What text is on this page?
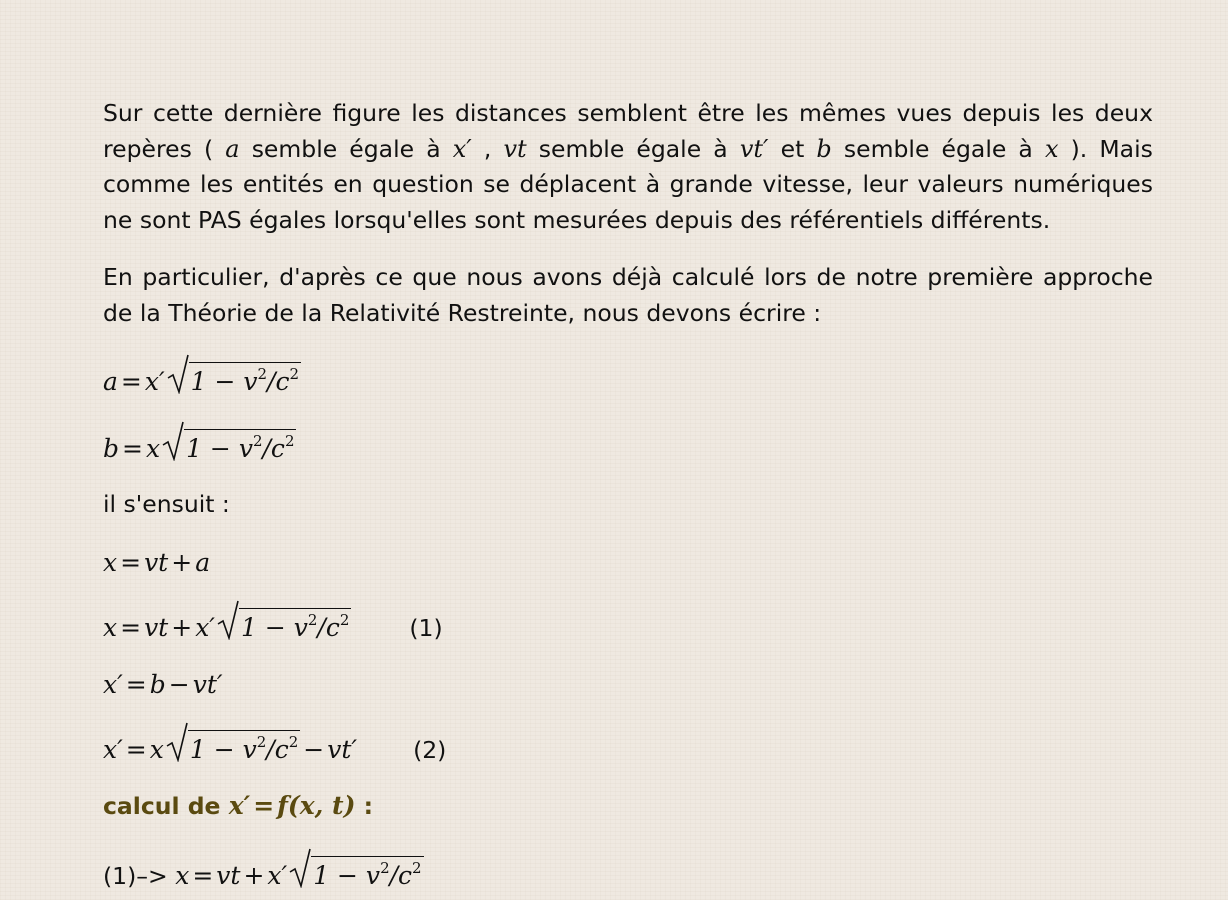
Sur cette dernière figure les distances semblent être les mêmes vues depuis les deux repères ( a semble égale à x′ , vt semble égale à vt′ et b semble égale à x ). Mais comme les entités en question se déplacent à grande vitesse, leur valeurs numériques ne sont PAS égales lorsqu'elles sont mesurées depuis des référentiels différents.

En particulier, d'après ce que nous avons déjà calculé lors de notre première approche de la Théorie de la Relativité Restreinte, nous devons écrire :

a = x′ $1 - v^2/c^2$
b = x $1 - v^2/c^2$
il s'ensuit :
x = vt + a
x = vt + x′ $1 - v^2/c^2$	(1)
x′ = b − vt′
x′ = x $1 - v^2/c^2 - vt'$ (2)
calcul de x′ = f(x, t) :
(1)–> x = vt + x′ $1 - v^2/c^2$
